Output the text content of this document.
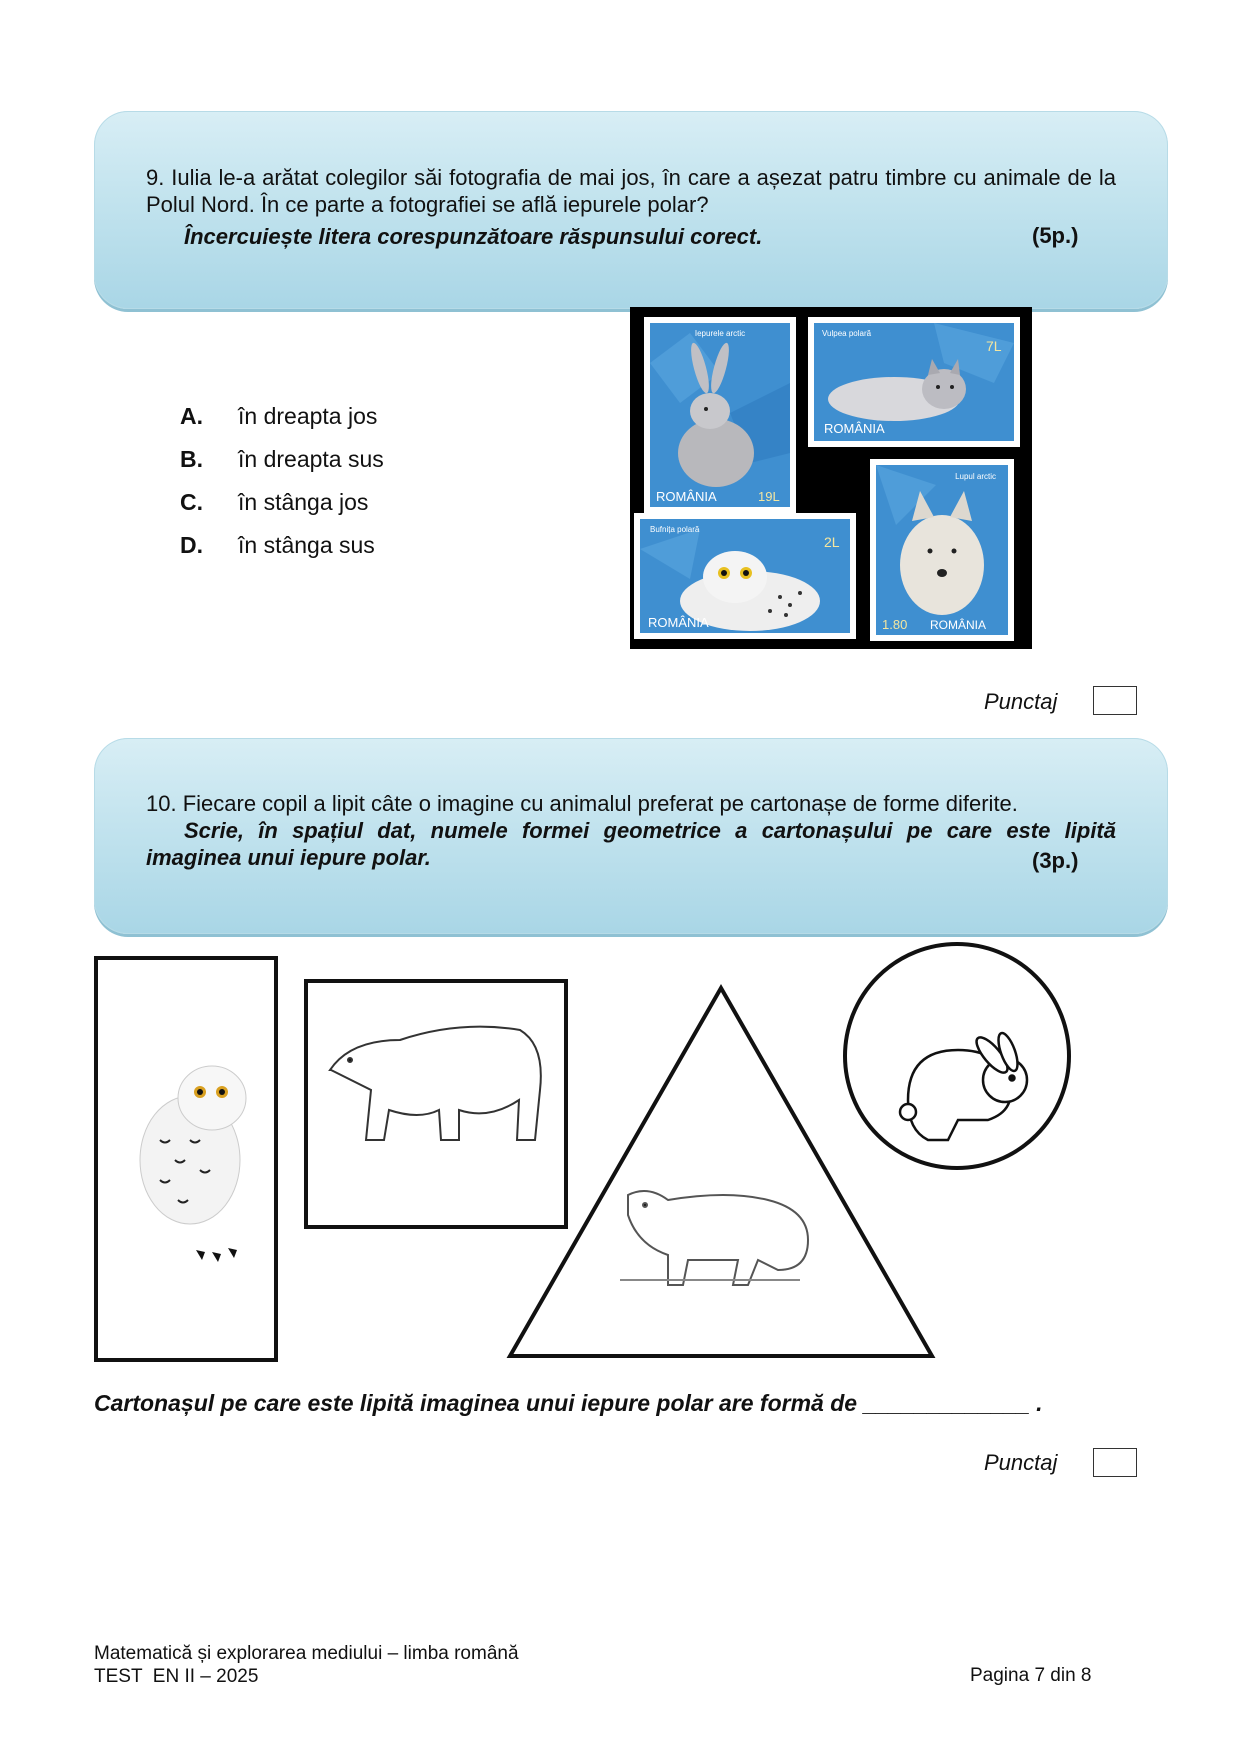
9. Iulia le-a arătat colegilor săi fotografia de mai jos, în care a așezat patru timbre cu animale de la Polul Nord. În ce parte a fotografiei se află iepurele polar?
Încercuiește litera corespunzătoare răspunsului corect.	(5p.)
A.	în dreapta jos
B.	în dreapta sus
C.	în stânga jos
D.	în stânga sus
Iepurele arctic
ROMÂNIA	19L
Vulpea polară
7L
ROMÂNIA
Bufnița polară
2L
ROMÂNIA	1.80 ROMÂNIA
Lupul arctic
Punctaj
10. Fiecare copil a lipit câte o imagine cu animalul preferat pe cartonașe de forme diferite.
Scrie, în spațiul dat, numele formei geometrice a cartonașului pe care este lipită imaginea unui iepure polar.	(3p.)
Cartonașul pe care este lipită imaginea unui iepure polar are formă de _____________ .
Punctaj
Matematică și explorarea mediului – limba română
TEST  EN II – 2025	Pagina 7 din 8
